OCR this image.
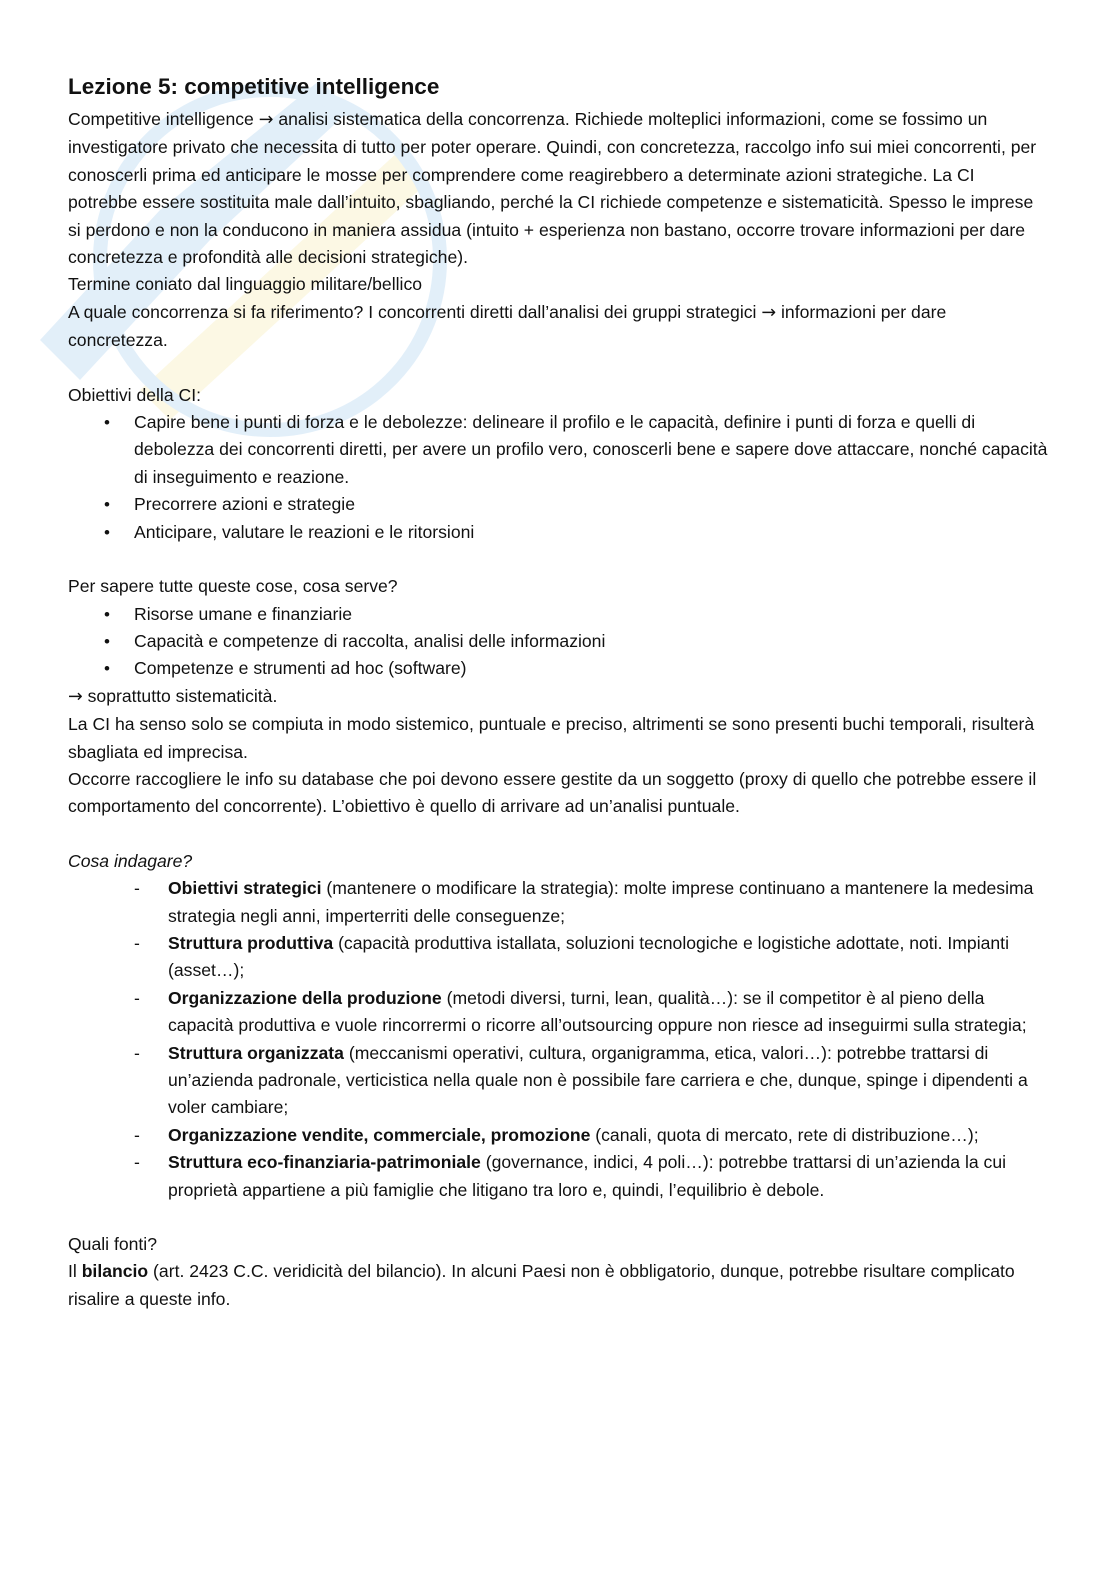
Lezione 5: competitive intelligence

Competitive intelligence → analisi sistematica della concorrenza. Richiede molteplici informazioni, come se fossimo un investigatore privato che necessita di tutto per poter operare. Quindi, con concretezza, raccolgo info sui miei concorrenti, per conoscerli prima ed anticipare le mosse per comprendere come reagirebbero a determinate azioni strategiche. La CI potrebbe essere sostituita male dall’intuito, sbagliando, perché la CI richiede competenze e sistematicità. Spesso le imprese si perdono e non la conducono in maniera assidua (intuito + esperienza non bastano, occorre trovare informazioni per dare concretezza e profondità alle decisioni strategiche).

Termine coniato dal linguaggio militare/bellico

A quale concorrenza si fa riferimento? I concorrenti diretti dall’analisi dei gruppi strategici → informazioni per dare concretezza.

Obiettivi della CI:

• Capire bene i punti di forza e le debolezze: delineare il profilo e le capacità, definire i punti di forza e quelli di debolezza dei concorrenti diretti, per avere un profilo vero, conoscerli bene e sapere dove attaccare, nonché capacità di inseguimento e reazione.
• Precorrere azioni e strategie
• Anticipare, valutare le reazioni e le ritorsioni

Per sapere tutte queste cose, cosa serve?

• Risorse umane e finanziarie
• Capacità e competenze di raccolta, analisi delle informazioni
• Competenze e strumenti ad hoc (software)

→ soprattutto sistematicità.

La CI ha senso solo se compiuta in modo sistemico, puntuale e preciso, altrimenti se sono presenti buchi temporali, risulterà sbagliata ed imprecisa.

Occorre raccogliere le info su database che poi devono essere gestite da un soggetto (proxy di quello che potrebbe essere il comportamento del concorrente). L’obiettivo è quello di arrivare ad un’analisi puntuale.

Cosa indagare?

- Obiettivi strategici (mantenere o modificare la strategia): molte imprese continuano a mantenere la medesima strategia negli anni, imperterriti delle conseguenze;
- Struttura produttiva (capacità produttiva istallata, soluzioni tecnologiche e logistiche adottate, noti. Impianti (asset…);
- Organizzazione della produzione (metodi diversi, turni, lean, qualità…): se il competitor è al pieno della capacità produttiva e vuole rincorrermi o ricorre all’outsourcing oppure non riesce ad inseguirmi sulla strategia;
- Struttura organizzata (meccanismi operativi, cultura, organigramma, etica, valori…): potrebbe trattarsi di un’azienda padronale, verticistica nella quale non è possibile fare carriera e che, dunque, spinge i dipendenti a voler cambiare;
- Organizzazione vendite, commerciale, promozione (canali, quota di mercato, rete di distribuzione…);
- Struttura eco-finanziaria-patrimoniale (governance, indici, 4 poli…): potrebbe trattarsi di un’azienda la cui proprietà appartiene a più famiglie che litigano tra loro e, quindi, l’equilibrio è debole.

Quali fonti?

Il bilancio (art. 2423 C.C. veridicità del bilancio). In alcuni Paesi non è obbligatorio, dunque, potrebbe risultare complicato risalire a queste info.
